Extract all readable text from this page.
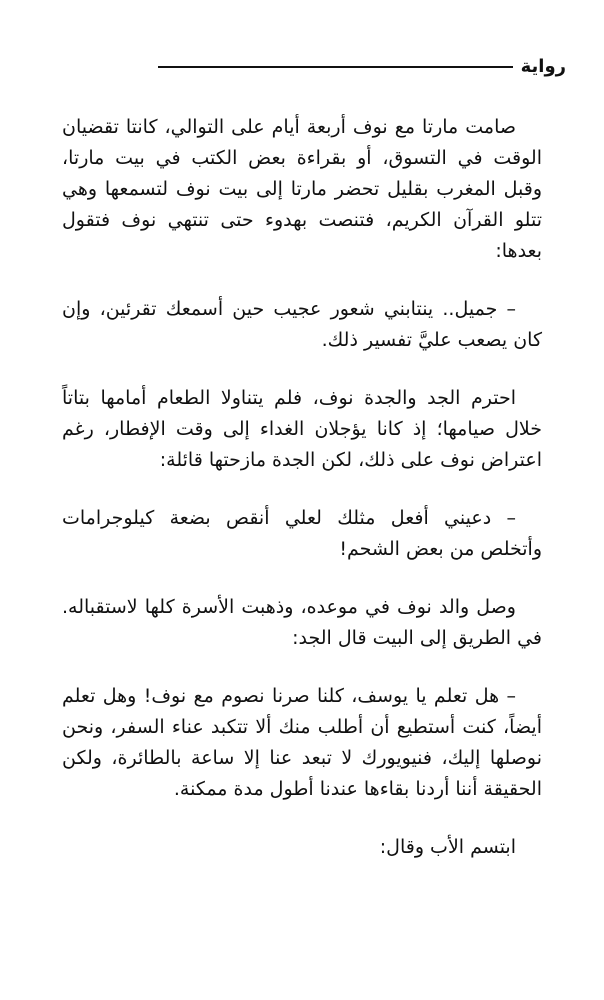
رواية

صامت مارتا مع نوف أربعة أيام على التوالي، كانتا تقضيان الوقت في التسوق، أو بقراءة بعض الكتب في بيت مارتا، وقبل المغرب بقليل تحضر مارتا إلى بيت نوف لتسمعها وهي تتلو القرآن الكريم، فتنصت بهدوء حتى تنتهي نوف فتقول بعدها:

– جميل.. ينتابني شعور عجيب حين أسمعك تقرئين، وإن كان يصعب عليَّ تفسير ذلك.

احترم الجد والجدة نوف، فلم يتناولا الطعام أمامها بتاتاً خلال صيامها؛ إذ كانا يؤجلان الغداء إلى وقت الإفطار، رغم اعتراض نوف على ذلك، لكن الجدة مازحتها قائلة:

– دعيني أفعل مثلك لعلي أنقص بضعة كيلوجرامات وأتخلص من بعض الشحم!

وصل والد نوف في موعده، وذهبت الأسرة كلها لاستقباله. في الطريق إلى البيت قال الجد:

– هل تعلم يا يوسف، كلنا صرنا نصوم مع نوف! وهل تعلم أيضاً، كنت أستطيع أن أطلب منك ألا تتكبد عناء السفر، ونحن نوصلها إليك، فنيويورك لا تبعد عنا إلا ساعة بالطائرة، ولكن الحقيقة أننا أردنا بقاءها عندنا أطول مدة ممكنة.

ابتسم الأب وقال:
